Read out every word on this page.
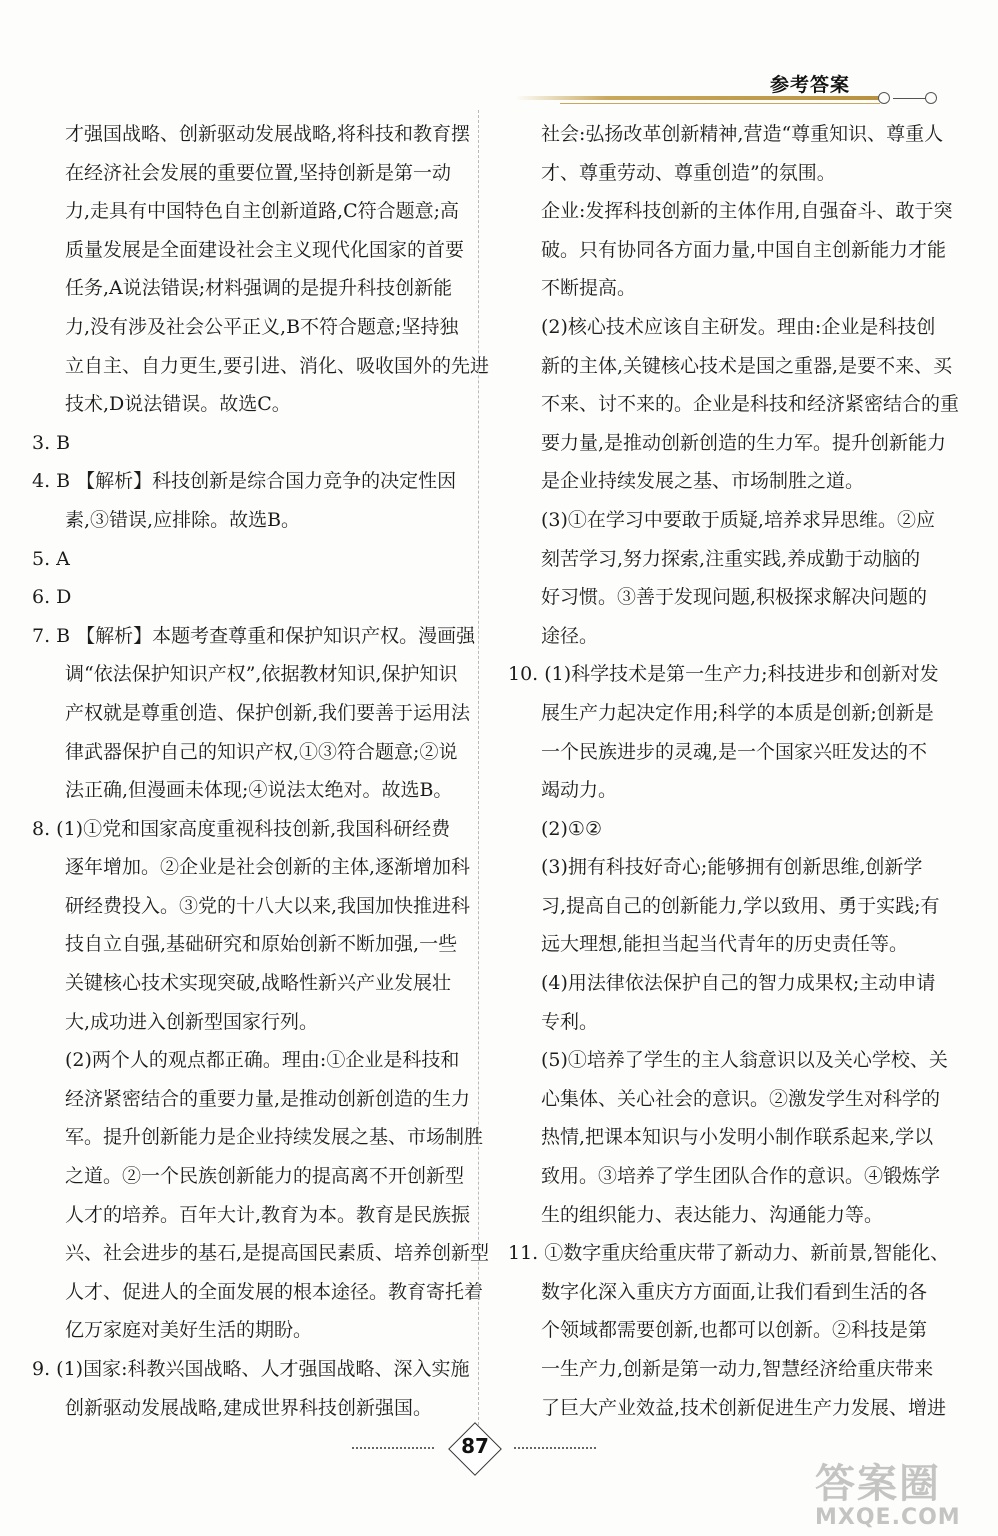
参考答案
才强国战略、创新驱动发展战略,将科技和教育摆
在经济社会发展的重要位置,坚持创新是第一动
力,走具有中国特色自主创新道路,C符合题意;高
质量发展是全面建设社会主义现代化国家的首要
任务,A说法错误;材料强调的是提升科技创新能
力,没有涉及社会公平正义,B不符合题意;坚持独
立自主、自力更生,要引进、消化、吸收国外的先进
技术,D说法错误。故选C。
3. B
4. B 【解析】科技创新是综合国力竞争的决定性因
素,③错误,应排除。故选B。
5. A
6. D
7. B 【解析】本题考查尊重和保护知识产权。漫画强
调“依法保护知识产权”,依据教材知识,保护知识
产权就是尊重创造、保护创新,我们要善于运用法
律武器保护自己的知识产权,①③符合题意;②说
法正确,但漫画未体现;④说法太绝对。故选B。
8. (1)①党和国家高度重视科技创新,我国科研经费
逐年增加。②企业是社会创新的主体,逐渐增加科
研经费投入。③党的十八大以来,我国加快推进科
技自立自强,基础研究和原始创新不断加强,一些
关键核心技术实现突破,战略性新兴产业发展壮
大,成功进入创新型国家行列。
(2)两个人的观点都正确。理由:①企业是科技和
经济紧密结合的重要力量,是推动创新创造的生力
军。提升创新能力是企业持续发展之基、市场制胜
之道。②一个民族创新能力的提高离不开创新型
人才的培养。百年大计,教育为本。教育是民族振
兴、社会进步的基石,是提高国民素质、培养创新型
人才、促进人的全面发展的根本途径。教育寄托着
亿万家庭对美好生活的期盼。
9. (1)国家:科教兴国战略、人才强国战略、深入实施
创新驱动发展战略,建成世界科技创新强国。
社会:弘扬改革创新精神,营造“尊重知识、尊重人
才、尊重劳动、尊重创造”的氛围。
企业:发挥科技创新的主体作用,自强奋斗、敢于突
破。只有协同各方面力量,中国自主创新能力才能
不断提高。
(2)核心技术应该自主研发。理由:企业是科技创
新的主体,关键核心技术是国之重器,是要不来、买
不来、讨不来的。企业是科技和经济紧密结合的重
要力量,是推动创新创造的生力军。提升创新能力
是企业持续发展之基、市场制胜之道。
(3)①在学习中要敢于质疑,培养求异思维。②应
刻苦学习,努力探索,注重实践,养成勤于动脑的
好习惯。③善于发现问题,积极探求解决问题的
途径。
10. (1)科学技术是第一生产力;科技进步和创新对发
展生产力起决定作用;科学的本质是创新;创新是
一个民族进步的灵魂,是一个国家兴旺发达的不
竭动力。
(2)①②
(3)拥有科技好奇心;能够拥有创新思维,创新学
习,提高自己的创新能力,学以致用、勇于实践;有
远大理想,能担当起当代青年的历史责任等。
(4)用法律依法保护自己的智力成果权;主动申请
专利。
(5)①培养了学生的主人翁意识以及关心学校、关
心集体、关心社会的意识。②激发学生对科学的
热情,把课本知识与小发明小制作联系起来,学以
致用。③培养了学生团队合作的意识。④锻炼学
生的组织能力、表达能力、沟通能力等。
11. ①数字重庆给重庆带了新动力、新前景,智能化、
数字化深入重庆方方面面,让我们看到生活的各
个领域都需要创新,也都可以创新。②科技是第
一生产力,创新是第一动力,智慧经济给重庆带来
了巨大产业效益,技术创新促进生产力发展、增进
87
答案圈
MXQE.COM
